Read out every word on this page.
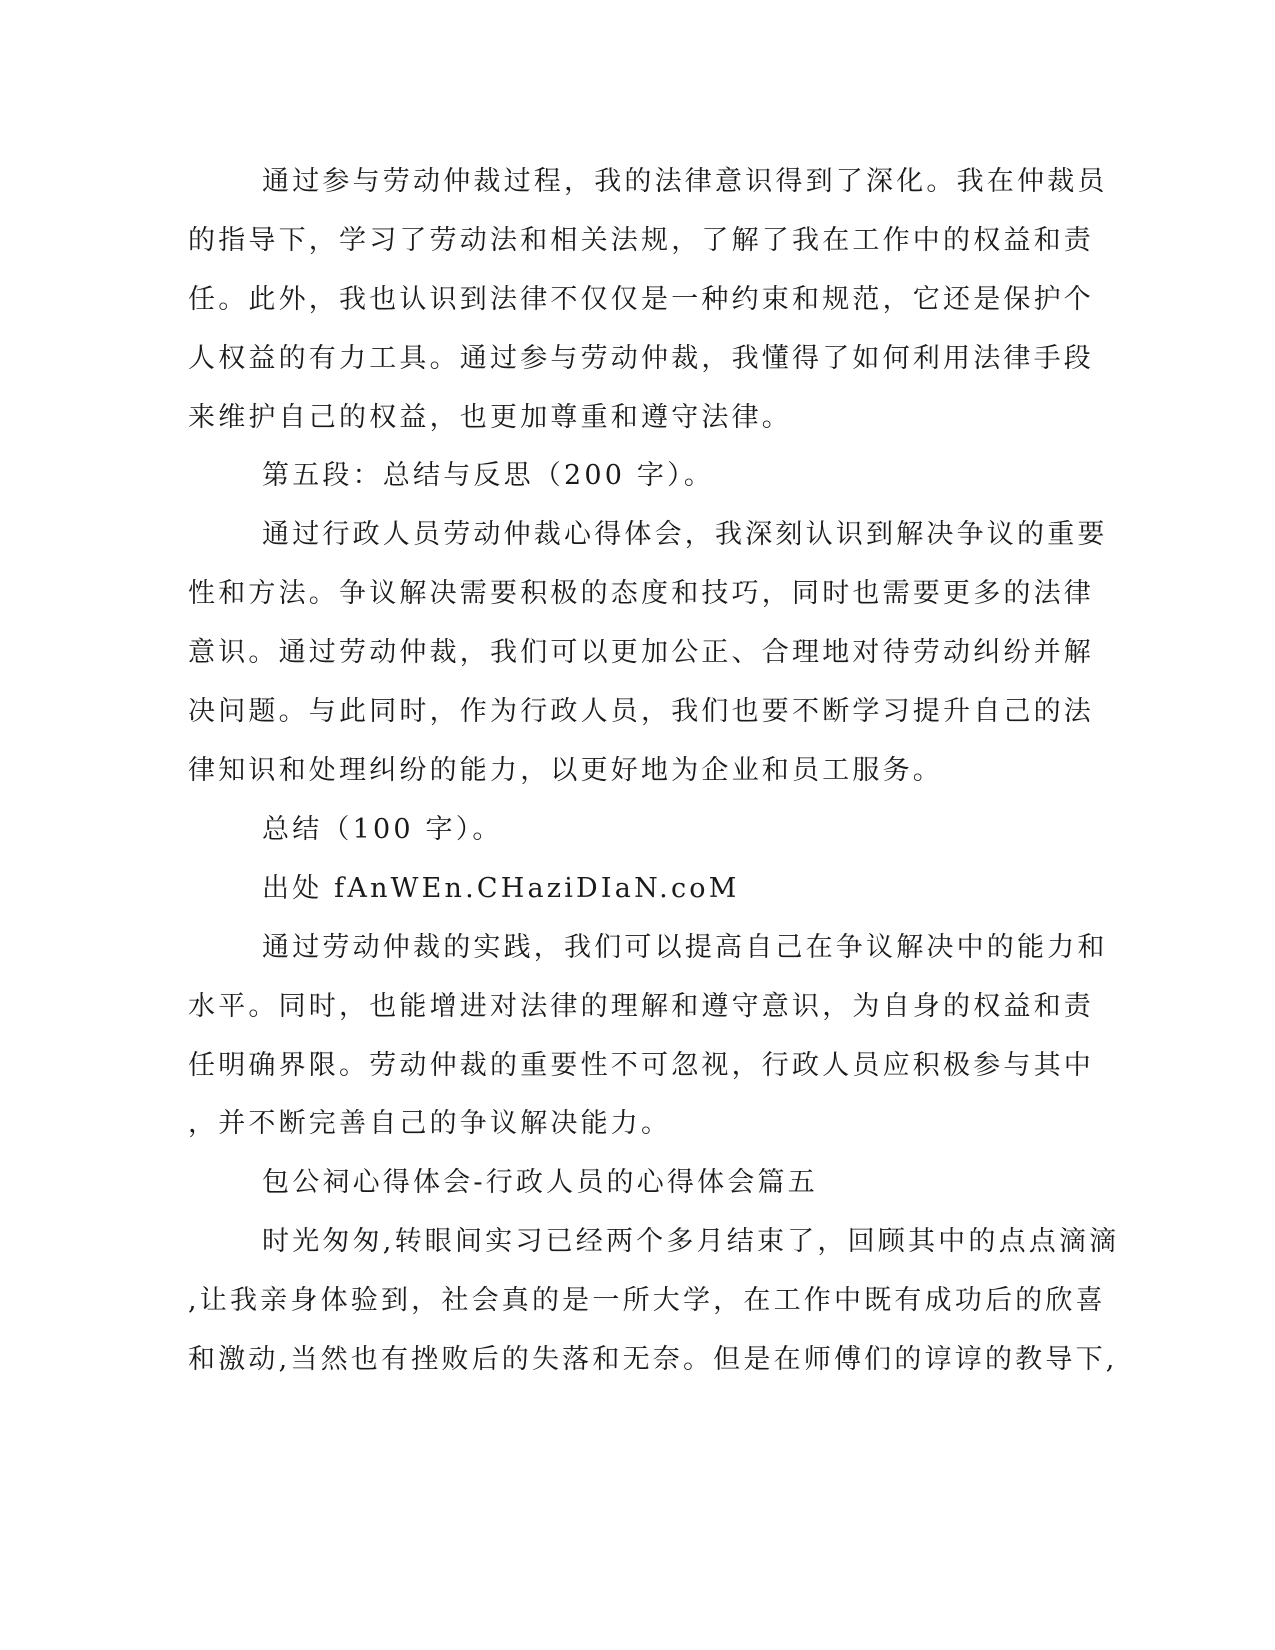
通过参与劳动仲裁过程，我的法律意识得到了深化。我在仲裁员
的指导下，学习了劳动法和相关法规，了解了我在工作中的权益和责
任。此外，我也认识到法律不仅仅是一种约束和规范，它还是保护个
人权益的有力工具。通过参与劳动仲裁，我懂得了如何利用法律手段
来维护自己的权益，也更加尊重和遵守法律。
第五段：总结与反思（200 字）。
通过行政人员劳动仲裁心得体会，我深刻认识到解决争议的重要
性和方法。争议解决需要积极的态度和技巧，同时也需要更多的法律
意识。通过劳动仲裁，我们可以更加公正、合理地对待劳动纠纷并解
决问题。与此同时，作为行政人员，我们也要不断学习提升自己的法
律知识和处理纠纷的能力，以更好地为企业和员工服务。
总结（100 字）。
出处 fAnWEn.CHaziDIaN.coM
通过劳动仲裁的实践，我们可以提高自己在争议解决中的能力和
水平。同时，也能增进对法律的理解和遵守意识，为自身的权益和责
任明确界限。劳动仲裁的重要性不可忽视，行政人员应积极参与其中
，并不断完善自己的争议解决能力。
包公祠心得体会-行政人员的心得体会篇五
时光匆匆,转眼间实习已经两个多月结束了，回顾其中的点点滴滴
,让我亲身体验到，社会真的是一所大学，在工作中既有成功后的欣喜
和激动,当然也有挫败后的失落和无奈。但是在师傅们的谆谆的教导下,
